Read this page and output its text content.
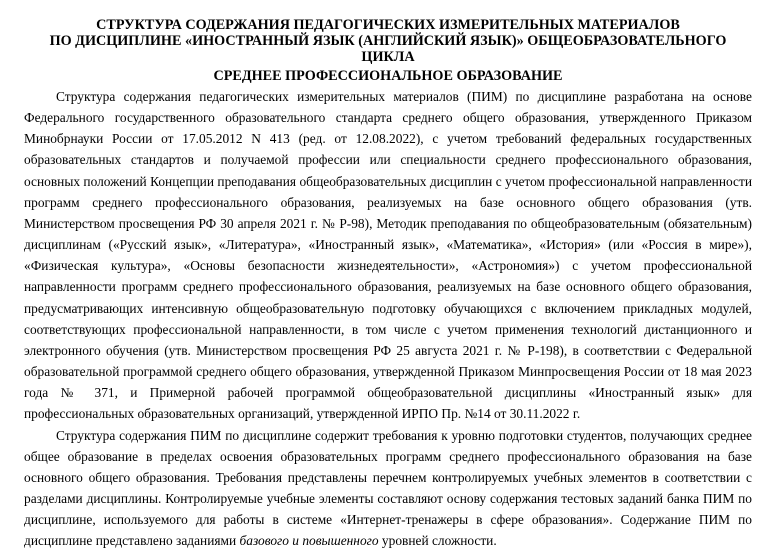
СТРУКТУРА СОДЕРЖАНИЯ ПЕДАГОГИЧЕСКИХ ИЗМЕРИТЕЛЬНЫХ МАТЕРИАЛОВ

ПО ДИСЦИПЛИНЕ «ИНОСТРАННЫЙ ЯЗЫК (АНГЛИЙСКИЙ ЯЗЫК)» ОБЩЕОБРАЗОВАТЕЛЬНОГО ЦИКЛА

СРЕДНЕЕ ПРОФЕССИОНАЛЬНОЕ ОБРАЗОВАНИЕ

Структура содержания педагогических измерительных материалов (ПИМ) по дисциплине разработана на основе Федерального государственного образовательного стандарта среднего общего образования, утвержденного Приказом Минобрнауки России от 17.05.2012 N 413 (ред. от 12.08.2022), с учетом требований федеральных государственных образовательных стандартов и получаемой профессии или специальности среднего профессионального образования, основных положений Концепции преподавания общеобразовательных дисциплин с учетом профессиональной направленности программ среднего профессионального образования, реализуемых на базе основного общего образования (утв. Министерством просвещения РФ 30 апреля 2021 г. № Р-98), Методик преподавания по общеобразовательным (обязательным) дисциплинам («Русский язык», «Литература», «Иностранный язык», «Математика», «История» (или «Россия в мире»), «Физическая культура», «Основы безопасности жизнедеятельности», «Астрономия») с учетом профессиональной направленности программ среднего профессионального образования, реализуемых на базе основного общего образования, предусматривающих интенсивную общеобразовательную подготовку обучающихся с включением прикладных модулей, соответствующих профессиональной направленности, в том числе с учетом применения технологий дистанционного и электронного обучения (утв. Министерством просвещения РФ 25 августа 2021 г. № Р-198), в соответствии с Федеральной образовательной программой среднего общего образования, утвержденной Приказом Минпросвещения России от 18 мая 2023 года № 371, и Примерной рабочей программой общеобразовательной дисциплины «Иностранный язык» для профессиональных образовательных организаций, утвержденной ИРПО Пр. №14 от 30.11.2022 г.

Структура содержания ПИМ по дисциплине содержит требования к уровню подготовки студентов, получающих среднее общее образование в пределах освоения образовательных программ среднего профессионального образования на базе основного общего образования. Требования представлены перечнем контролируемых учебных элементов в соответствии с разделами дисциплины. Контролируемые учебные элементы составляют основу содержания тестовых заданий банка ПИМ по дисциплине, используемого для работы в системе «Интернет-тренажеры в сфере образования». Содержание ПИМ по дисциплине представлено заданиями базового и повышенного уровней сложности.
